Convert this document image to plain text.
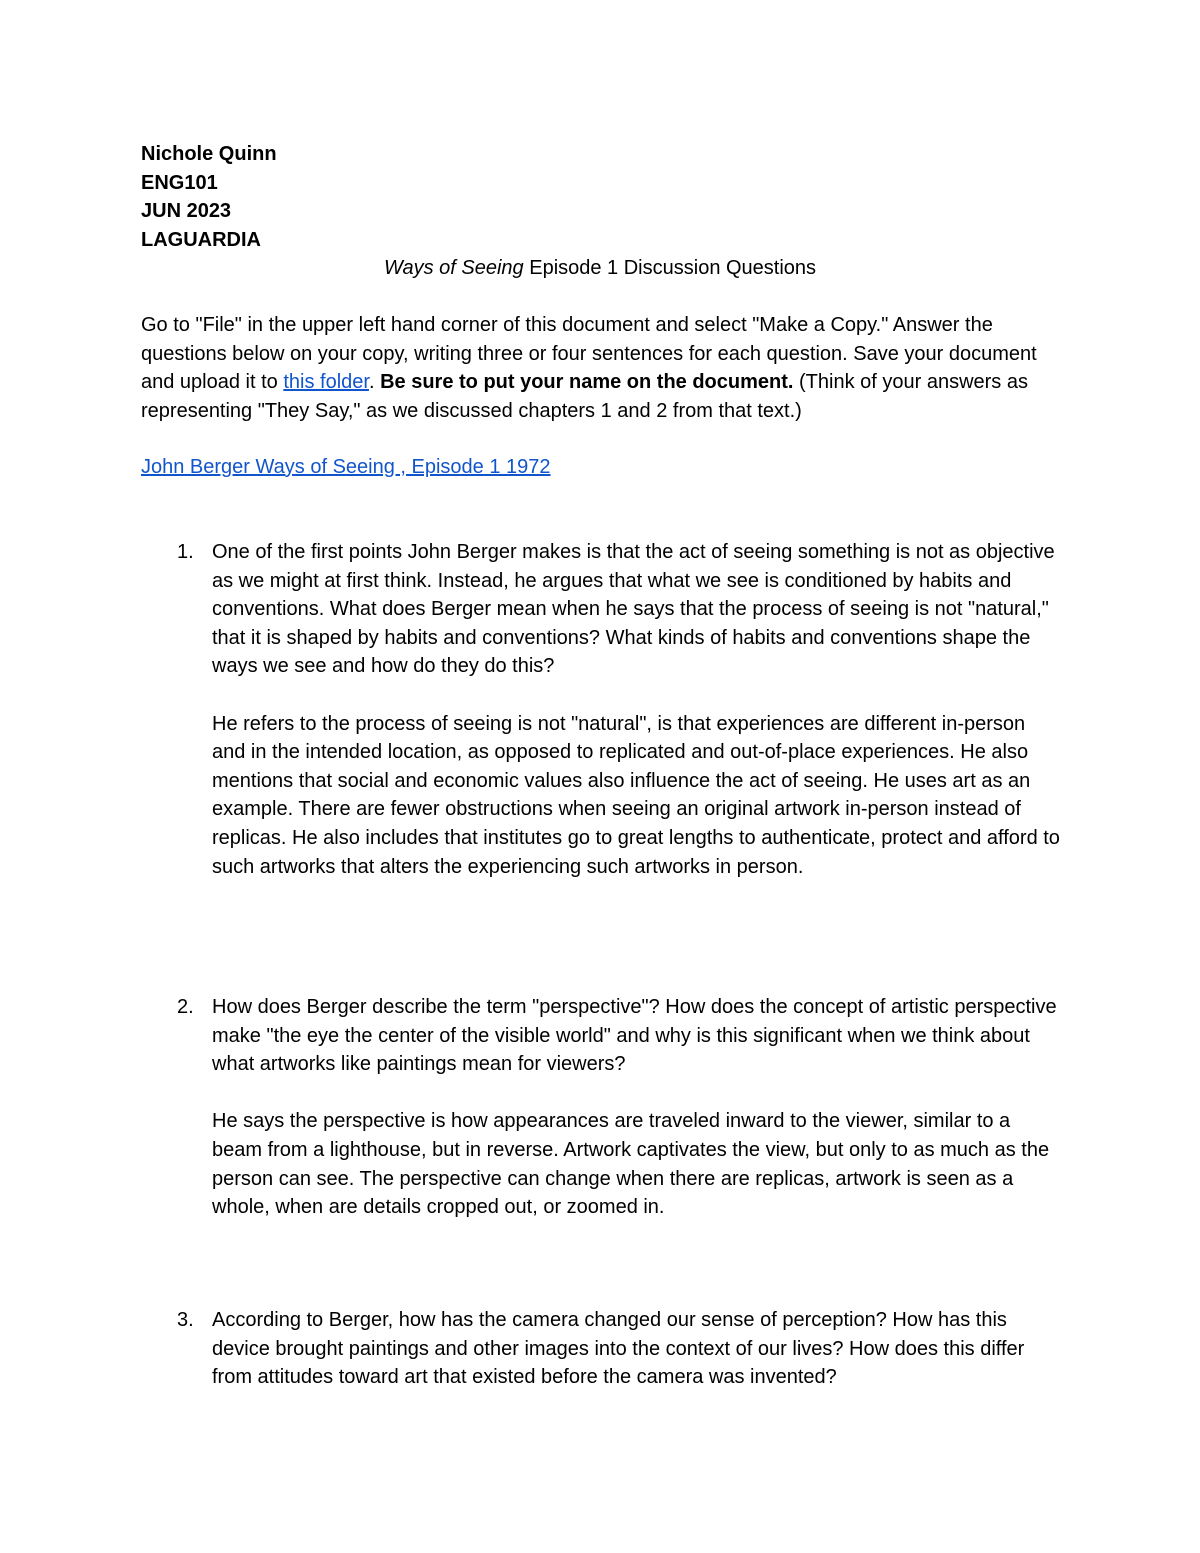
Nichole Quinn
ENG101
JUN 2023
LAGUARDIA
Ways of Seeing Episode 1 Discussion Questions
Go to "File" in the upper left hand corner of this document and select "Make a Copy." Answer the questions below on your copy, writing three or four sentences for each question. Save your document and upload it to this folder. Be sure to put your name on the document. (Think of your answers as representing "They Say," as we discussed chapters 1 and 2 from that text.)
John Berger Ways of Seeing , Episode 1 1972
1. One of the first points John Berger makes is that the act of seeing something is not as objective as we might at first think. Instead, he argues that what we see is conditioned by habits and conventions. What does Berger mean when he says that the process of seeing is not "natural," that it is shaped by habits and conventions? What kinds of habits and conventions shape the ways we see and how do they do this?
He refers to the process of seeing is not "natural", is that experiences are different in-person and in the intended location, as opposed to replicated and out-of-place experiences. He also mentions that social and economic values also influence the act of seeing. He uses art as an example. There are fewer obstructions when seeing an original artwork in-person instead of replicas. He also includes that institutes go to great lengths to authenticate, protect and afford to such artworks that alters the experiencing such artworks in person.
2. How does Berger describe the term "perspective"? How does the concept of artistic perspective make "the eye the center of the visible world" and why is this significant when we think about what artworks like paintings mean for viewers?
He says the perspective is how appearances are traveled inward to the viewer, similar to a beam from a lighthouse, but in reverse. Artwork captivates the view, but only to as much as the person can see. The perspective can change when there are replicas, artwork is seen as a whole, when are details cropped out, or zoomed in.
3. According to Berger, how has the camera changed our sense of perception? How has this device brought paintings and other images into the context of our lives? How does this differ from attitudes toward art that existed before the camera was invented?
